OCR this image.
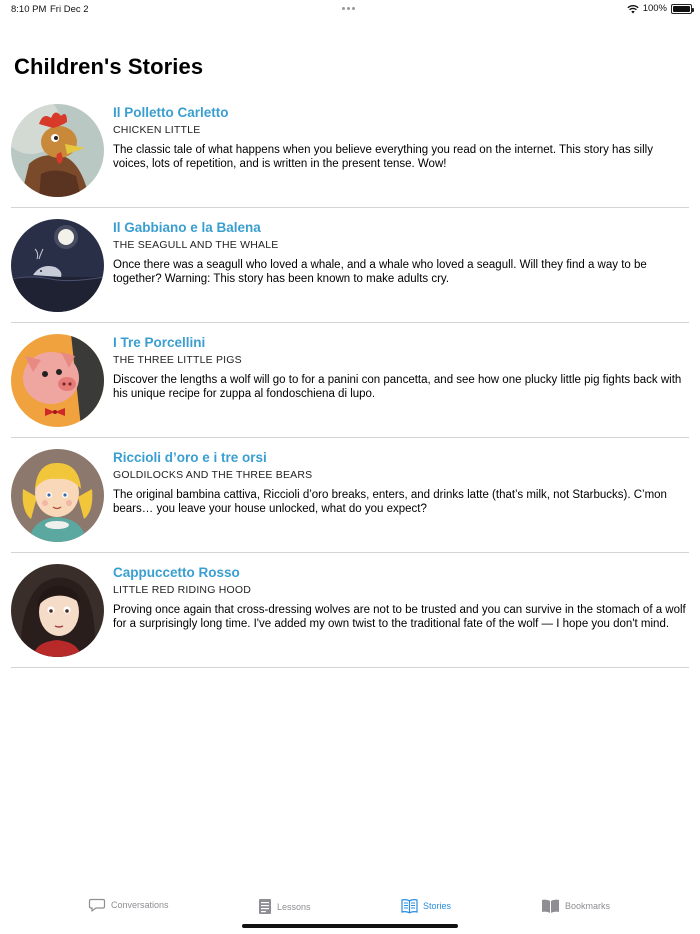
8:10 PM Fri Dec 2	100%
Children's Stories
Il Polletto Carletto
CHICKEN LITTLE
The classic tale of what happens when you believe everything you read on the internet. This story has silly voices, lots of repetition, and is written in the present tense. Wow!
Il Gabbiano e la Balena
THE SEAGULL AND THE WHALE
Once there was a seagull who loved a whale, and a whale who loved a seagull. Will they find a way to be together? Warning: This story has been known to make adults cry.
I Tre Porcellini
THE THREE LITTLE PIGS
Discover the lengths a wolf will go to for a panini con pancetta, and see how one plucky little pig fights back with his unique recipe for zuppa al fondoschiena di lupo.
Riccioli d’oro e i tre orsi
GOLDILOCKS AND THE THREE BEARS
The original bambina cattiva, Riccioli d’oro breaks, enters, and drinks latte (that’s milk, not Starbucks). C’mon bears… you leave your house unlocked, what do you expect?
Cappuccetto Rosso
LITTLE RED RIDING HOOD
Proving once again that cross-dressing wolves are not to be trusted and you can survive in the stomach of a wolf for a surprisingly long time. I've added my own twist to the traditional fate of the wolf — I hope you don't mind.
Conversations	Lessons	Stories	Bookmarks
